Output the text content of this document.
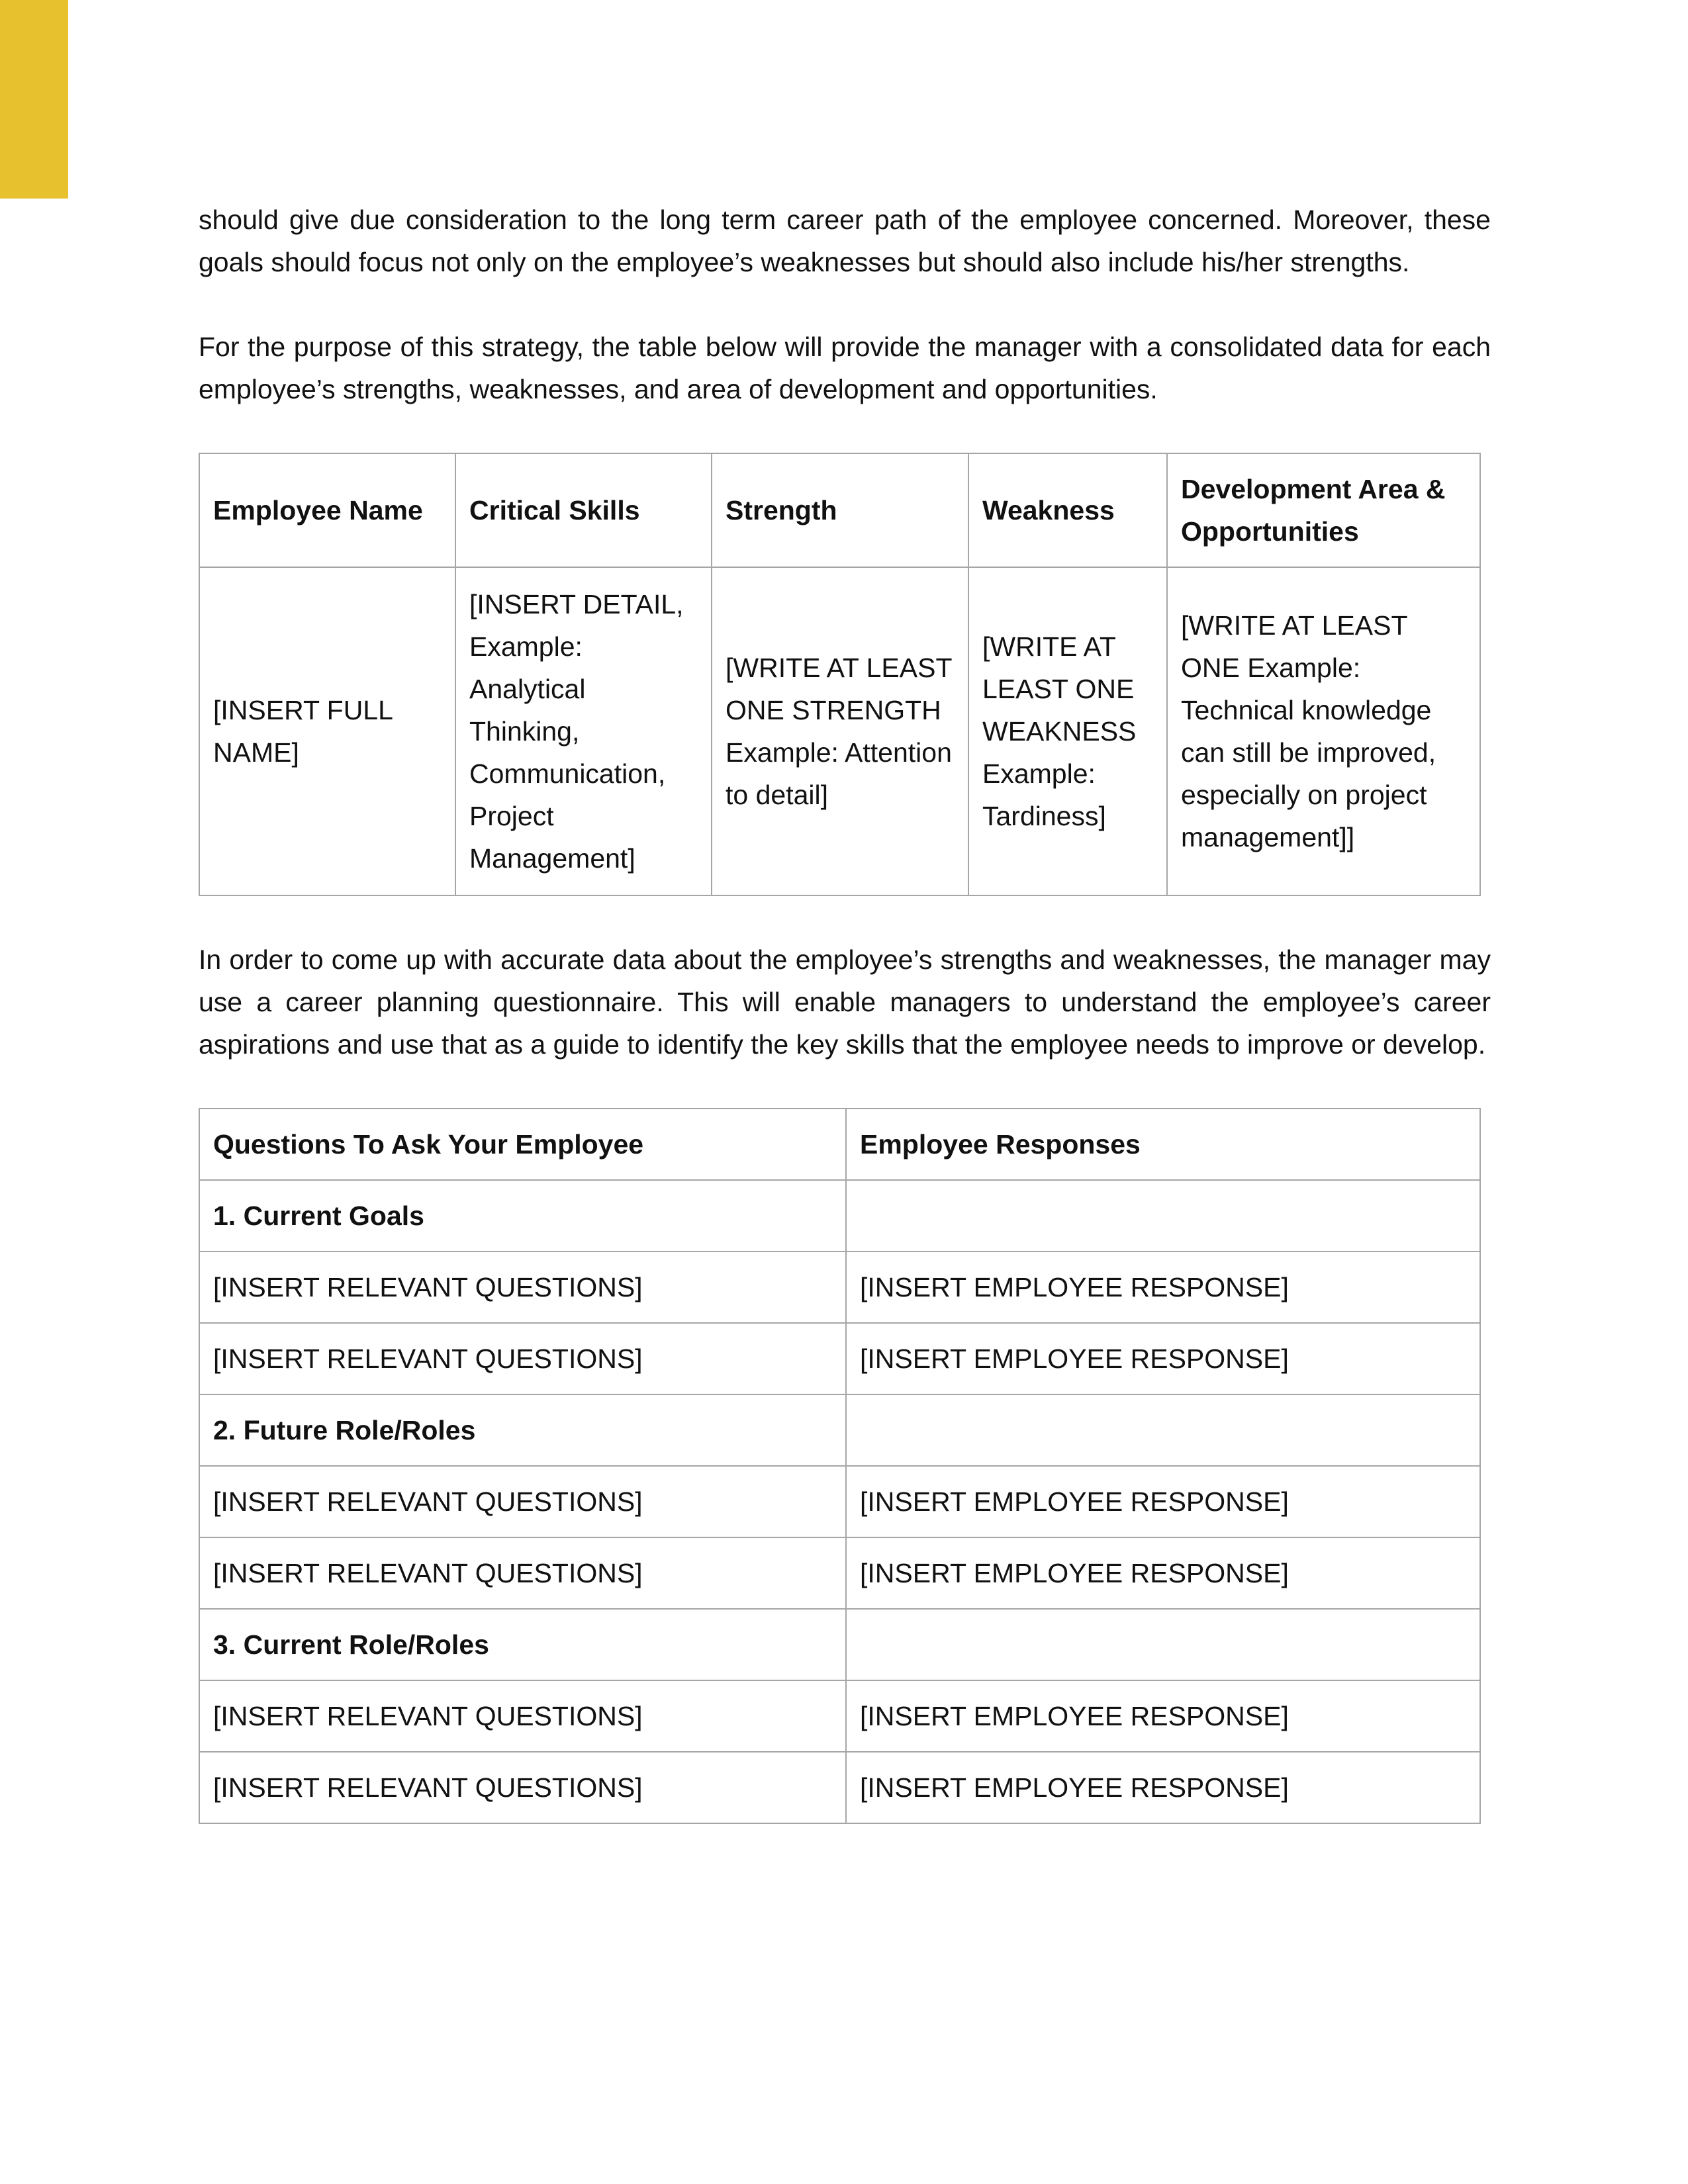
should give due consideration to the long term career path of the employee concerned. Moreover, these goals should focus not only on the employee’s weaknesses but should also include his/her strengths.

For the purpose of this strategy, the table below will provide the manager with a consolidated data for each employee’s strengths, weaknesses, and area of development and opportunities.

Employee Name	Critical Skills	Strength	Weakness	Development Area & Opportunities
[INSERT FULL NAME]	[INSERT DETAIL, Example: Analytical Thinking, Communication, Project Management]	[WRITE AT LEAST ONE STRENGTH Example: Attention to detail]	[WRITE AT LEAST ONE WEAKNESS Example: Tardiness]	[WRITE AT LEAST ONE Example: Technical knowledge can still be improved, especially on project management]]

In order to come up with accurate data about the employee’s strengths and weaknesses, the manager may use a career planning questionnaire. This will enable managers to understand the employee’s career aspirations and use that as a guide to identify the key skills that the employee needs to improve or develop.

Questions To Ask Your Employee	Employee Responses
1. Current Goals	
[INSERT RELEVANT QUESTIONS]	[INSERT EMPLOYEE RESPONSE]
[INSERT RELEVANT QUESTIONS]	[INSERT EMPLOYEE RESPONSE]
2. Future Role/Roles	
[INSERT RELEVANT QUESTIONS]	[INSERT EMPLOYEE RESPONSE]
[INSERT RELEVANT QUESTIONS]	[INSERT EMPLOYEE RESPONSE]
3. Current Role/Roles	
[INSERT RELEVANT QUESTIONS]	[INSERT EMPLOYEE RESPONSE]
[INSERT RELEVANT QUESTIONS]	[INSERT EMPLOYEE RESPONSE]
